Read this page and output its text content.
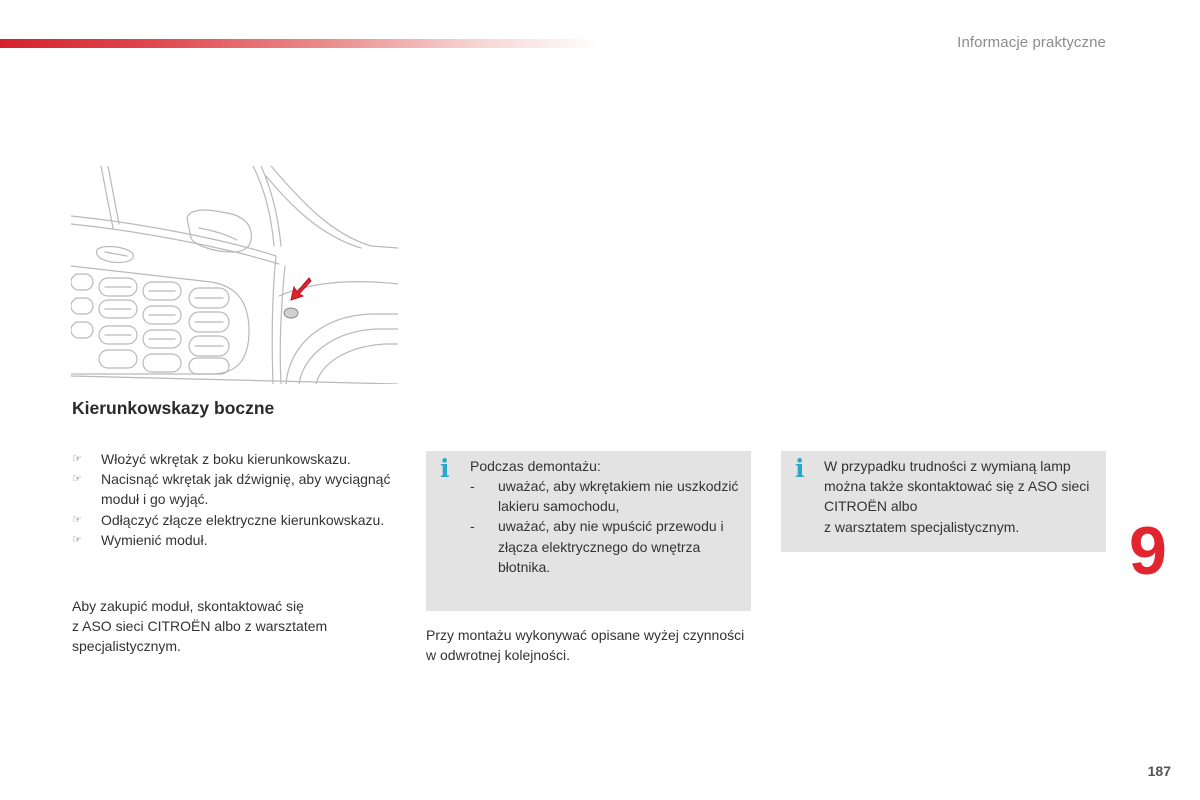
Informacje praktyczne
Kierunkowskazy boczne
☞	Włożyć wkrętak z boku kierunkowskazu.
☞	Nacisnąć wkrętak jak dźwignię, aby wyciągnąć moduł i go wyjąć.
☞	Odłączyć złącze elektryczne kierunkowskazu.
☞	Wymienić moduł.

Aby zakupić moduł, skontaktować się
z ASO sieci CITROËN albo z warsztatem specjalistycznym.

i Podczas demontażu:

- uważać, aby wkrętakiem nie uszkodzić lakieru samochodu,
- uważać, aby nie wpuścić przewodu i złącza elektrycznego do wnętrza błotnika.

Przy montażu wykonywać opisane wyżej czynności w odwrotnej kolejności.

i W przypadku trudności z wymianą lamp można także skontaktować się z ASO sieci CITROËN albo
z warsztatem specjalistycznym.	9
187
